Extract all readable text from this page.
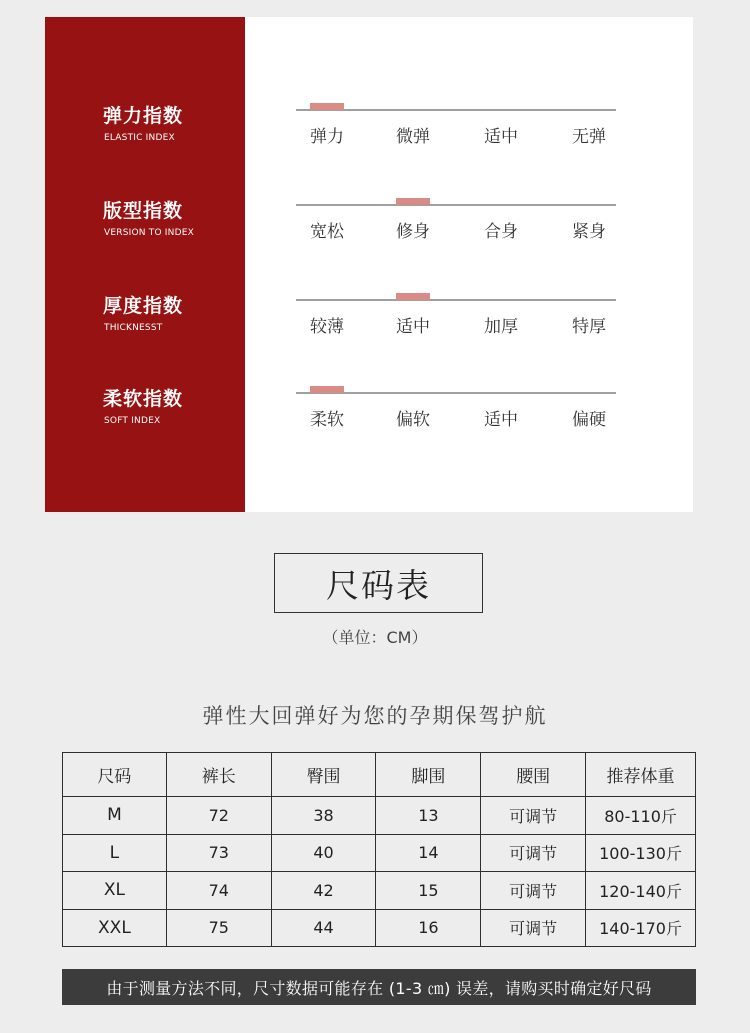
弹力指数
ELASTIC INDEX	弹力	微弹	适中	无弹
版型指数
VERSION TO INDEX	宽松	修身	合身	紧身
厚度指数
THICKNESST	较薄	适中	加厚	特厚
柔软指数
SOFT INDEX	柔软	偏软	适中	偏硬
尺码表
（单位：CM）
弹性大回弹好为您的孕期保驾护航
尺码	裤长	臀围	脚围	腰围	推荐体重
M	72	38	13	可调节	80-110斤
L	73	40	14	可调节	100-130斤
XL	74	42	15	可调节	120-140斤
XXL	75	44	16	可调节	140-170斤
由于测量方法不同，尺寸数据可能存在 (1-3 ㎝) 误差，请购买时确定好尺码
